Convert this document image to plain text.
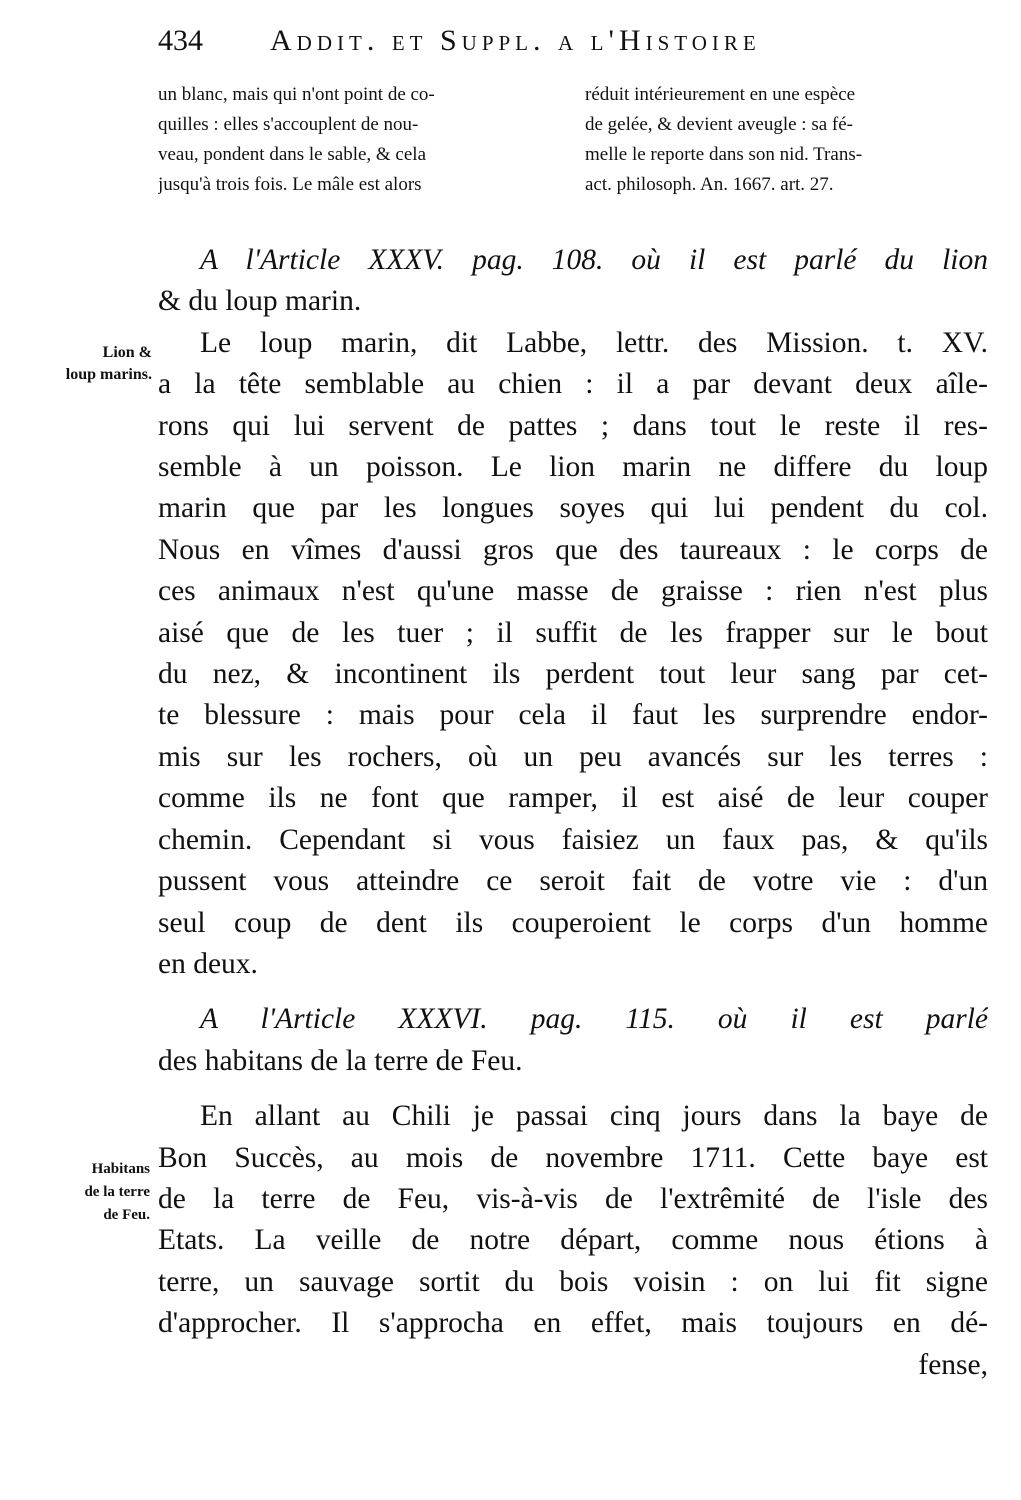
434 Addit. et Suppl. a l'Histoire
un blanc, mais qui n'ont point de co-
quilles : elles s'accouplent de nou-
veau, pondent dans le sable, & cela
jusqu'à trois fois. Le mâle est alors
réduit intérieurement en une espèce
de gelée, & devient aveugle : sa fé-
melle le reporte dans son nid. Trans-
act. philosoph. An. 1667. art. 27.
Lion &
loup marins.
Habitans
de la terre
de Feu.
A l'Article XXXV. pag. 108. où il est parlé du lion
& du loup marin.
Le loup marin, dit Labbe, lettr. des Mission. t. XV.
a la tête semblable au chien : il a par devant deux aîle-
rons qui lui servent de pattes ; dans tout le reste il res-
semble à un poisson. Le lion marin ne differe du loup
marin que par les longues soyes qui lui pendent du col.
Nous en vîmes d'aussi gros que des taureaux : le corps de
ces animaux n'est qu'une masse de graisse : rien n'est plus
aisé que de les tuer ; il suffit de les frapper sur le bout
du nez, & incontinent ils perdent tout leur sang par cet-
te blessure : mais pour cela il faut les surprendre endor-
mis sur les rochers, où un peu avancés sur les terres :
comme ils ne font que ramper, il est aisé de leur couper
chemin. Cependant si vous faisiez un faux pas, & qu'ils
pussent vous atteindre ce seroit fait de votre vie : d'un
seul coup de dent ils couperoient le corps d'un homme
en deux.
A l'Article XXXVI. pag. 115. où il est parlé
des habitans de la terre de Feu.
En allant au Chili je passai cinq jours dans la baye de
Bon Succès, au mois de novembre 1711. Cette baye est
de la terre de Feu, vis-à-vis de l'extrêmité de l'isle des
Etats. La veille de notre départ, comme nous étions à
terre, un sauvage sortit du bois voisin : on lui fit signe
d'approcher. Il s'approcha en effet, mais toujours en dé-
fense,
